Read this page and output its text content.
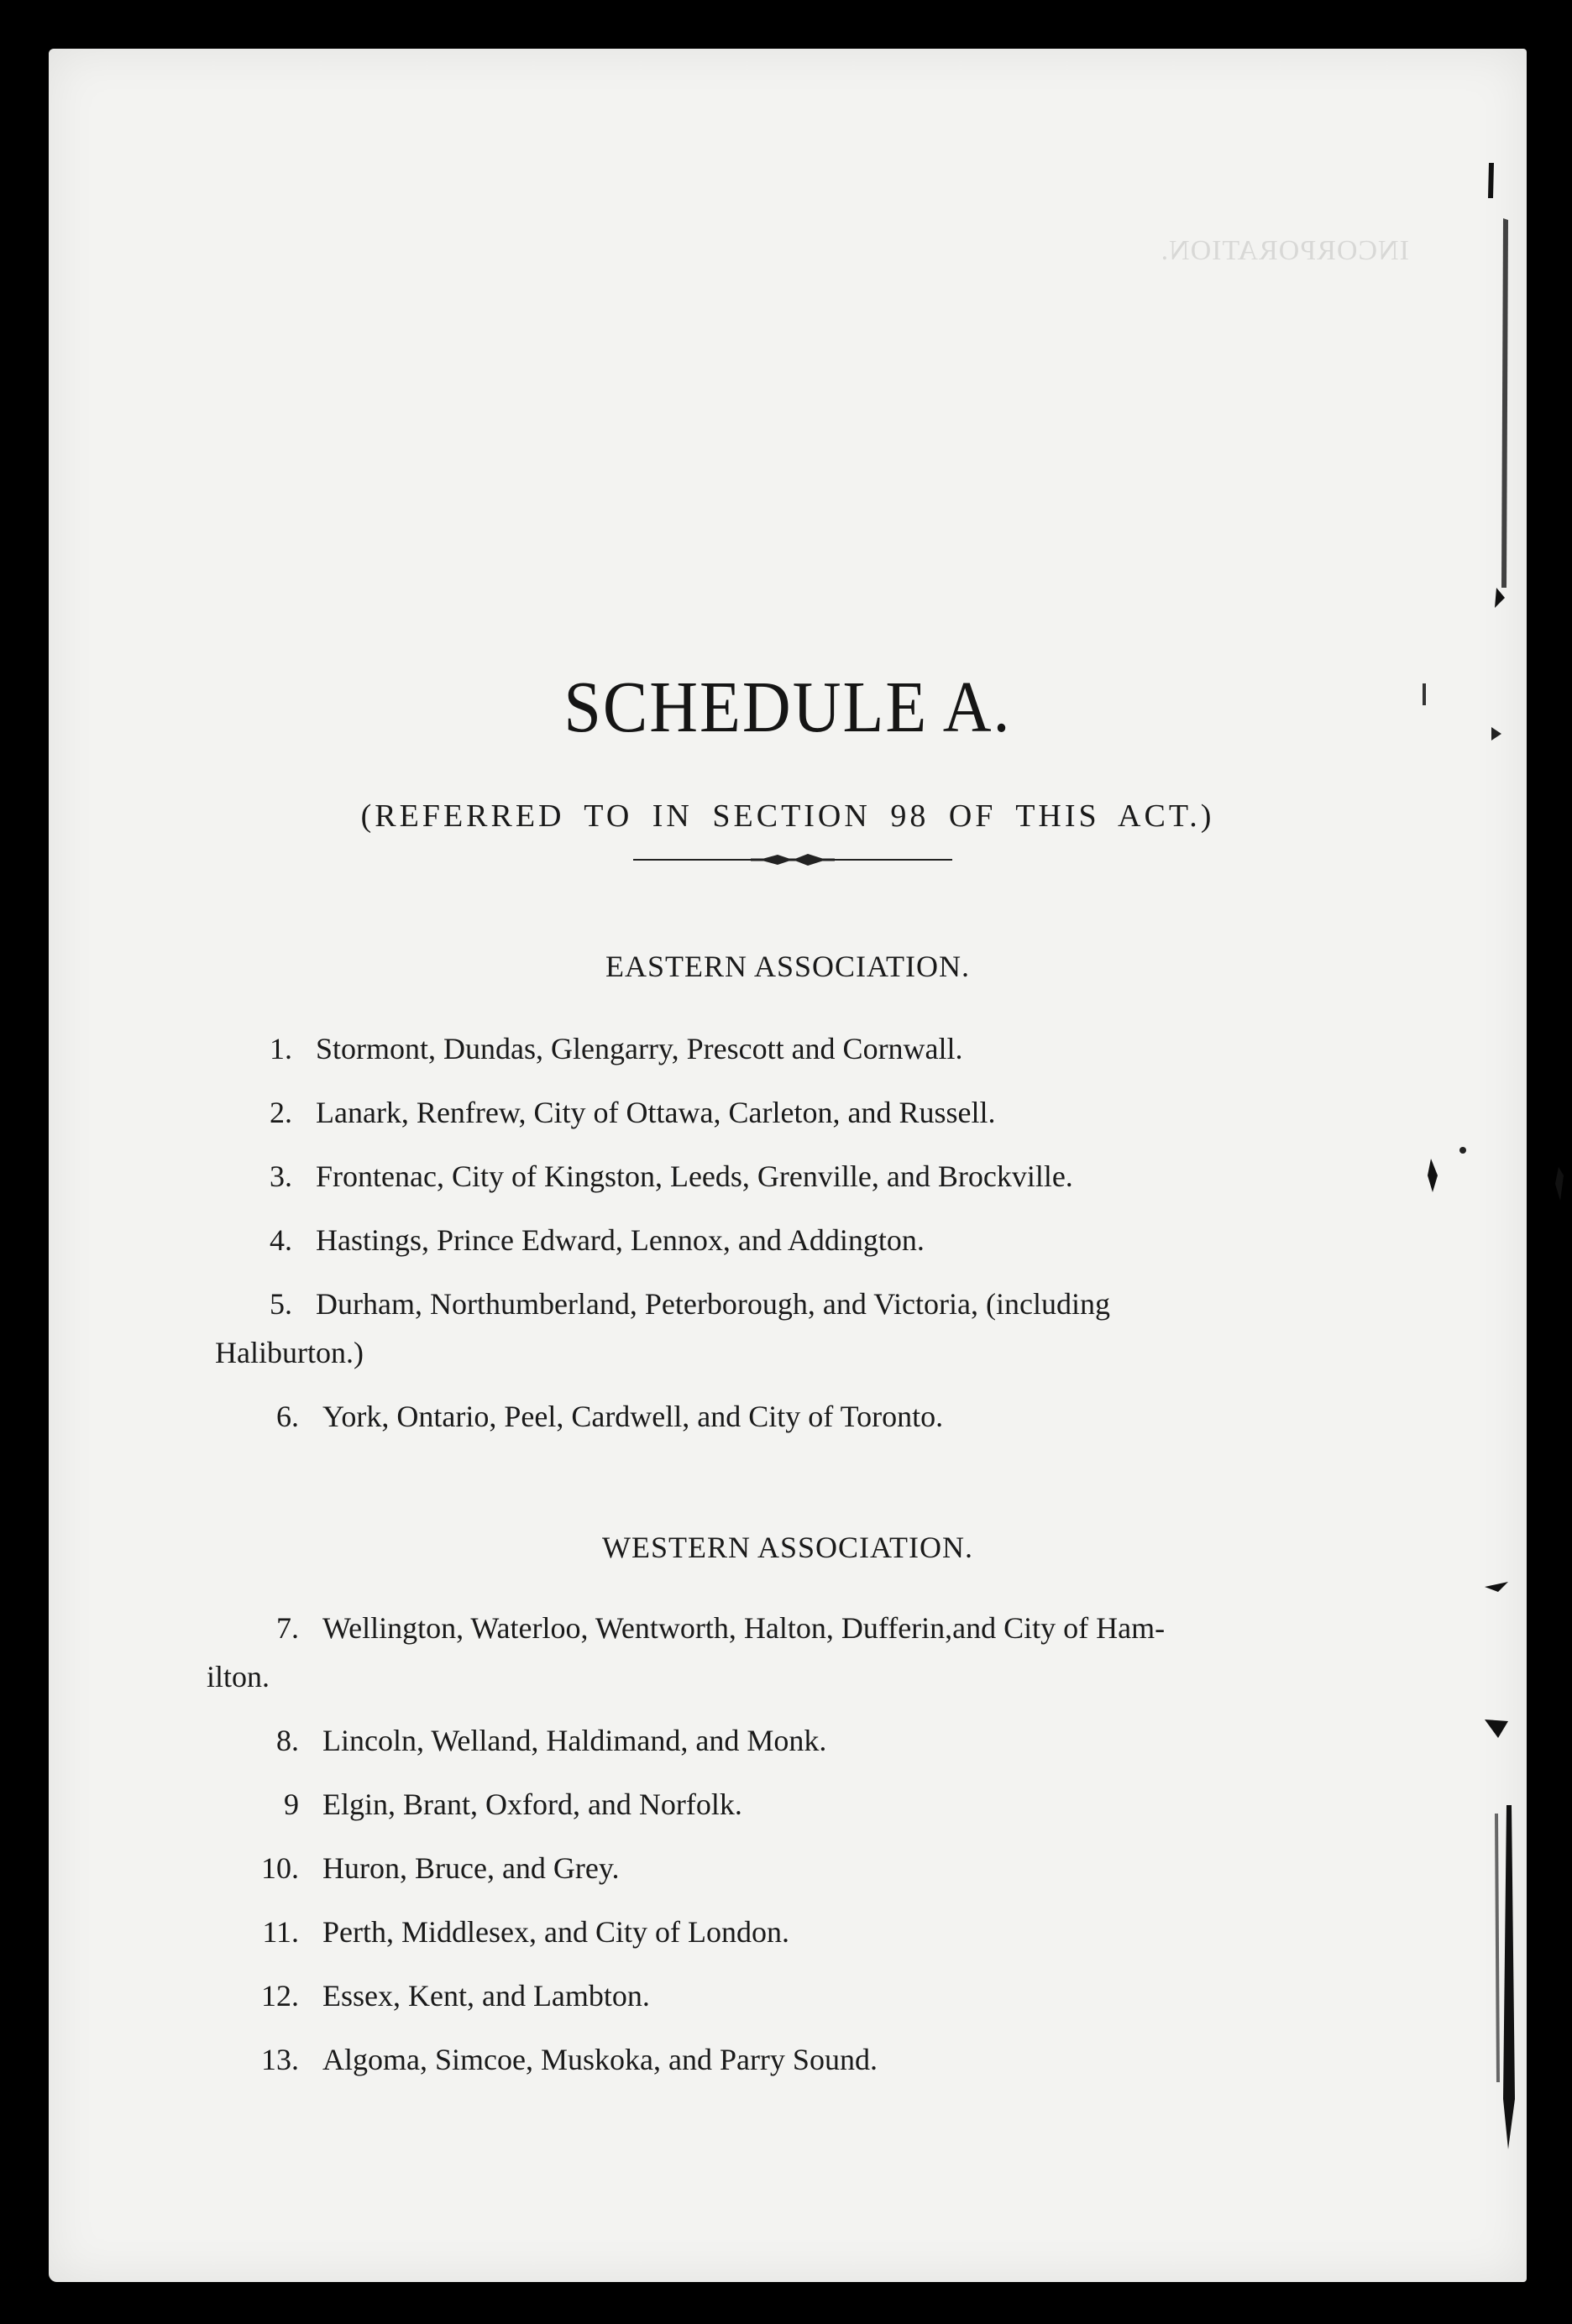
INCORPORATION.
SCHEDULE A.
(REFERRED TO IN SECTION 98 OF THIS ACT.)
EASTERN ASSOCIATION.
1. Stormont, Dundas, Glengarry, Prescott and Cornwall.
2. Lanark, Renfrew, City of Ottawa, Carleton, and Russell.
3. Frontenac, City of Kingston, Leeds, Grenville, and Brockville.
4. Hastings, Prince Edward, Lennox, and Addington.
5. Durham, Northumberland, Peterborough, and Victoria, (including
Haliburton.)
6. York, Ontario, Peel, Cardwell, and City of Toronto.
WESTERN ASSOCIATION.
7. Wellington, Waterloo, Wentworth, Halton, Dufferin,and City of Ham-
ilton.
8. Lincoln, Welland, Haldimand, and Monk.
9 Elgin, Brant, Oxford, and Norfolk.
10. Huron, Bruce, and Grey.
11. Perth, Middlesex, and City of London.
12. Essex, Kent, and Lambton.
13. Algoma, Simcoe, Muskoka, and Parry Sound.
